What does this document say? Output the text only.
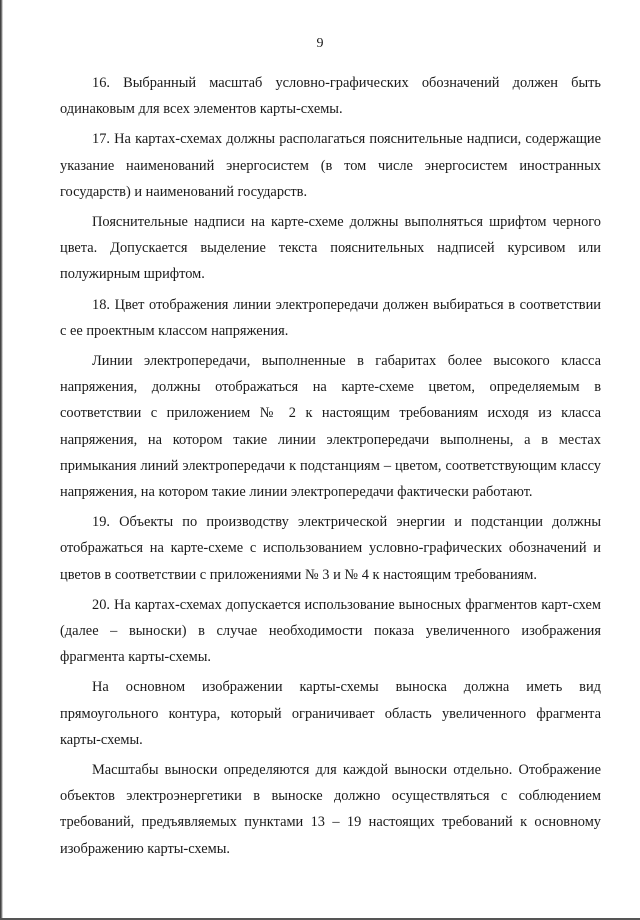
9

16. Выбранный масштаб условно-графических обозначений должен быть одинаковым для всех элементов карты-схемы.

17. На картах-схемах должны располагаться пояснительные надписи, содержащие указание наименований энергосистем (в том числе энергосистем иностранных государств) и наименований государств.

Пояснительные надписи на карте-схеме должны выполняться шрифтом черного цвета. Допускается выделение текста пояснительных надписей курсивом или полужирным шрифтом.

18. Цвет отображения линии электропередачи должен выбираться в соответствии с ее проектным классом напряжения.

Линии электропередачи, выполненные в габаритах более высокого класса напряжения, должны отображаться на карте-схеме цветом, определяемым в соответствии с приложением № 2 к настоящим требованиям исходя из класса напряжения, на котором такие линии электропередачи выполнены, а в местах примыкания линий электропередачи к подстанциям – цветом, соответствующим классу напряжения, на котором такие линии электропередачи фактически работают.

19. Объекты по производству электрической энергии и подстанции должны отображаться на карте-схеме с использованием условно-графических обозначений и цветов в соответствии с приложениями № 3 и № 4 к настоящим требованиям.

20. На картах-схемах допускается использование выносных фрагментов карт-схем (далее – выноски) в случае необходимости показа увеличенного изображения фрагмента карты-схемы.

На основном изображении карты-схемы выноска должна иметь вид прямоугольного контура, который ограничивает область увеличенного фрагмента карты-схемы.

Масштабы выноски определяются для каждой выноски отдельно. Отображение объектов электроэнергетики в выноске должно осуществляться с соблюдением требований, предъявляемых пунктами 13 – 19 настоящих требований к основному изображению карты-схемы.
